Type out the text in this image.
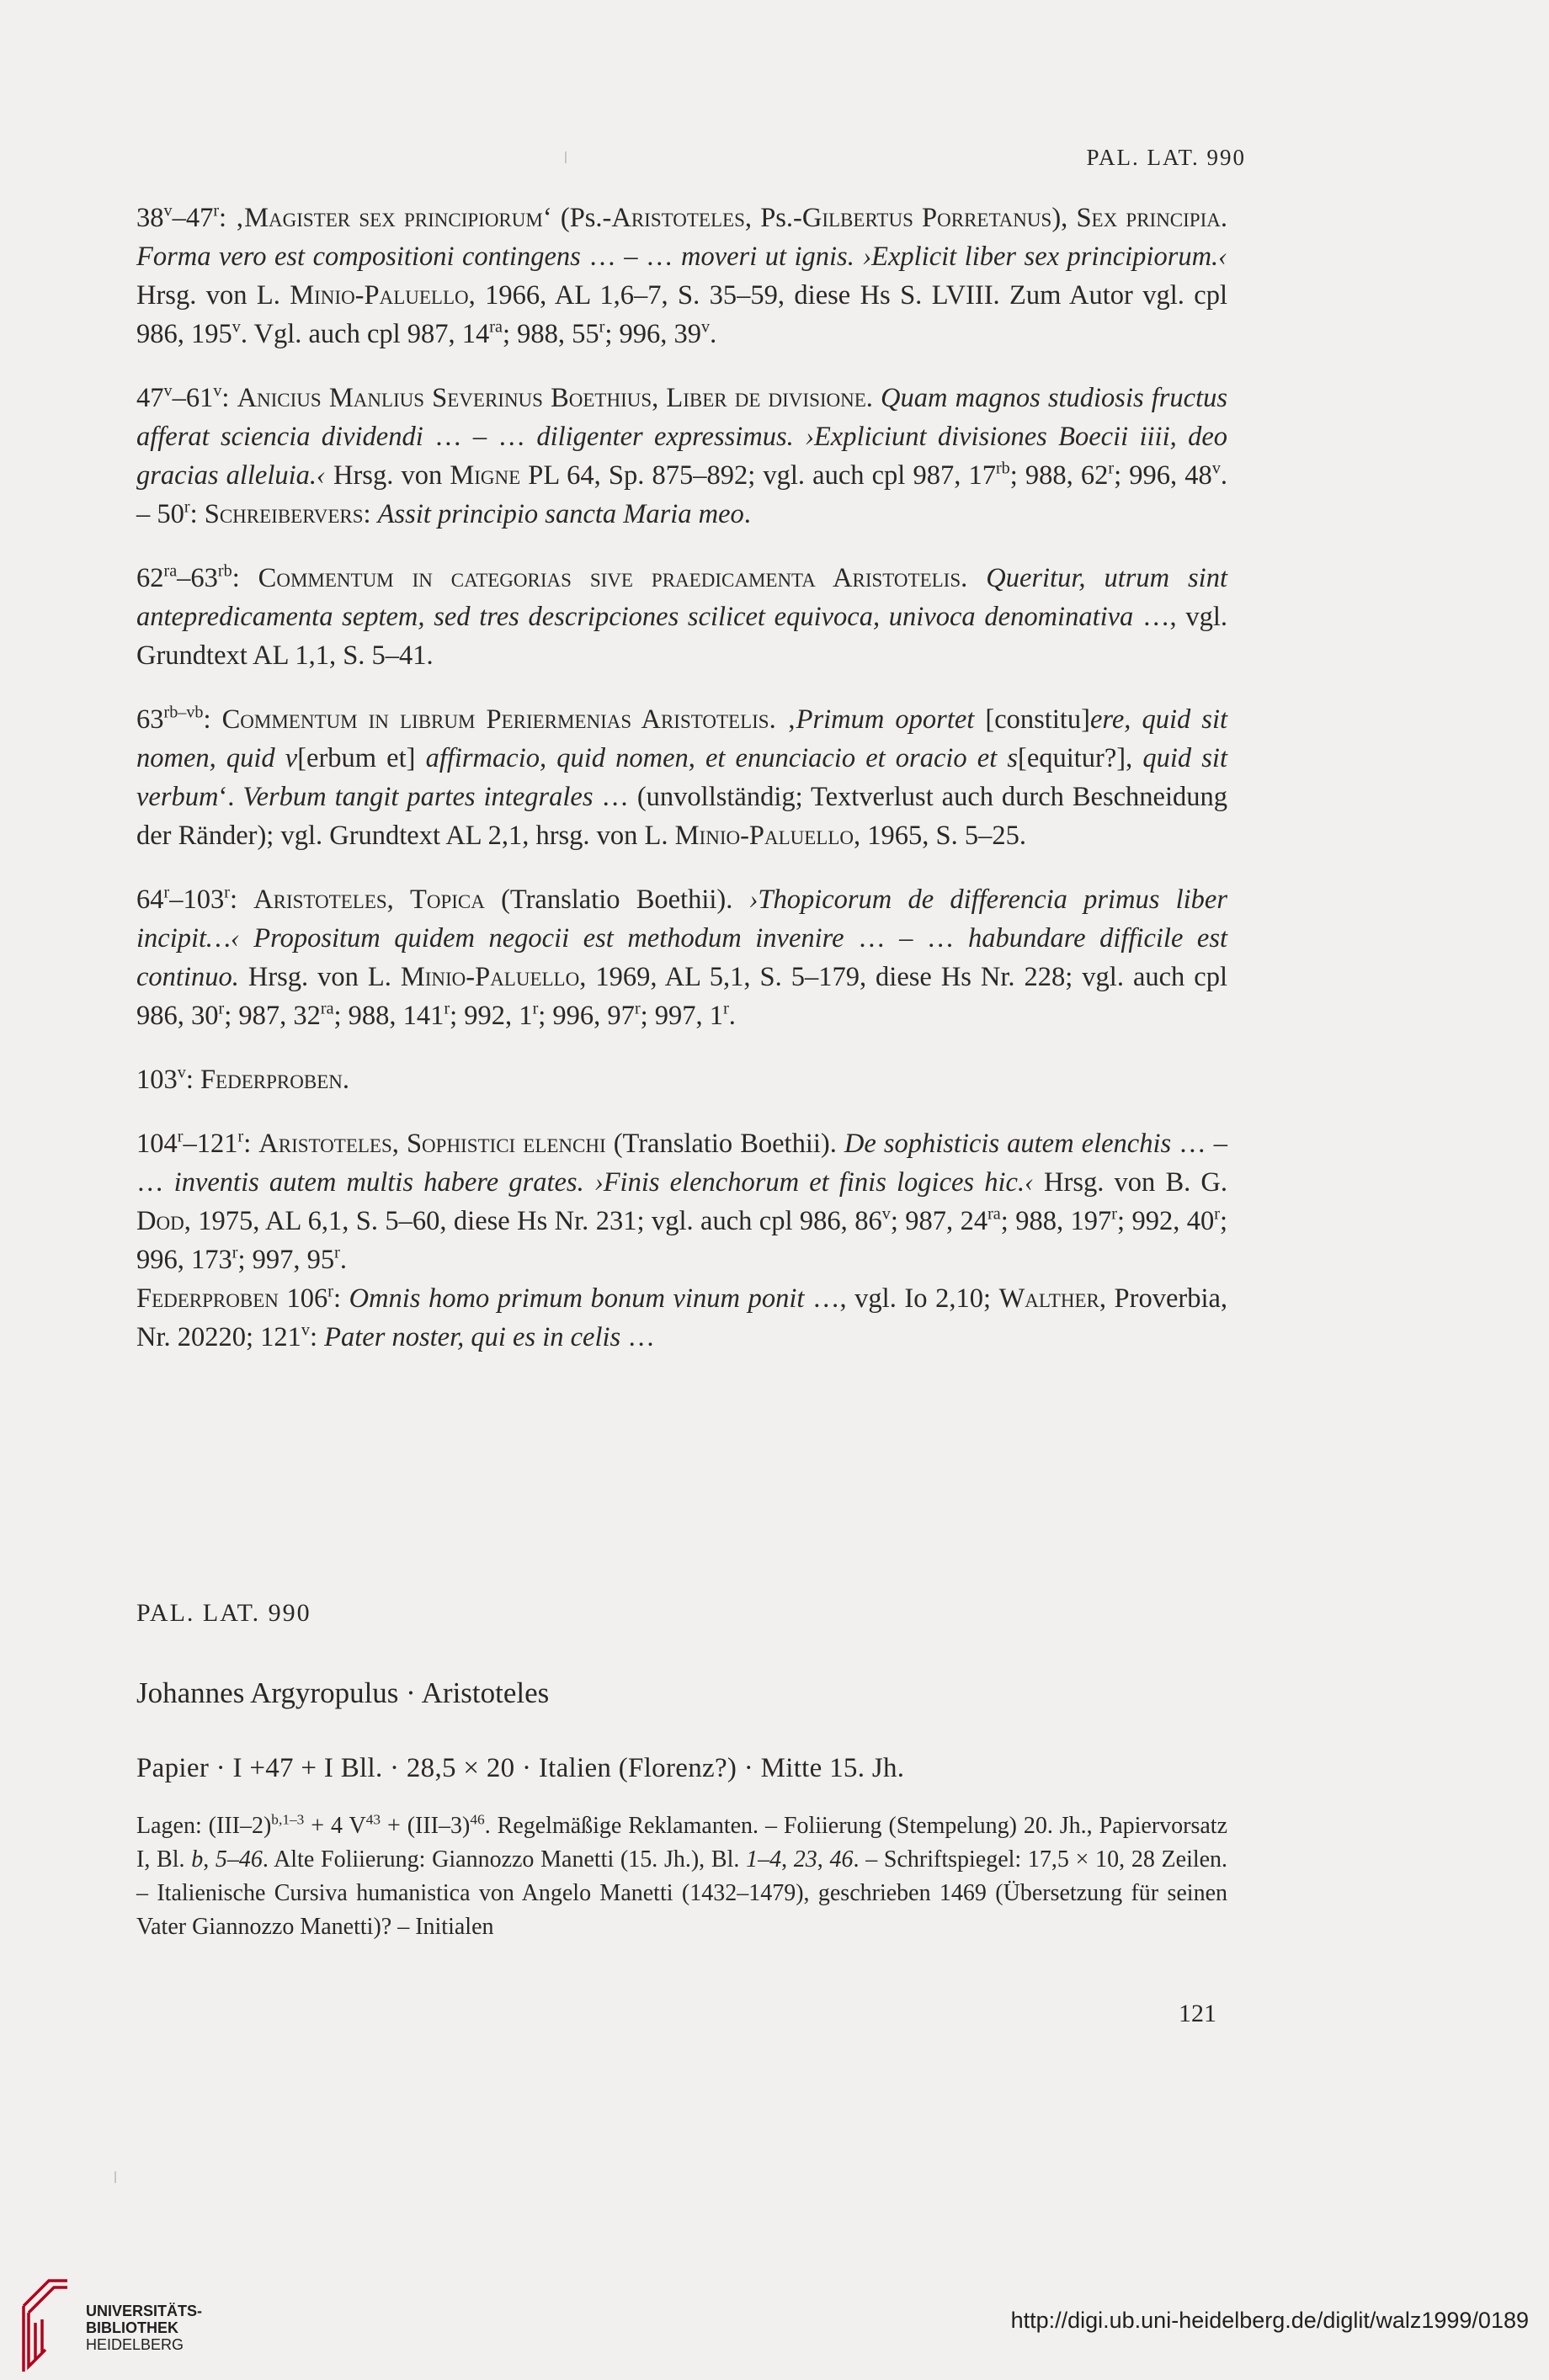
PAL. LAT. 990

38$^v$–47$^r$: ‚Magister sex principiorum‘ (Ps.-Aristoteles, Ps.-Gilbertus Porretanus), Sex principia. Forma vero est compositioni contingens … – … moveri ut ignis. ›Explicit liber sex principiorum.‹ Hrsg. von L. Minio-Paluello, 1966, AL 1,6–7, S. 35–59, diese Hs S. LVIII. Zum Autor vgl. cpl 986, 195$^v$. Vgl. auch cpl 987, $14^{ra}$; 988, 55$^r$; 996, 39$^v$.

47$^v$–61$^v$: Anicius Manlius Severinus Boethius, Liber de divisione. Quam magnos studiosis fructus afferat sciencia dividendi … – … diligenter expressimus. ›Expliciunt divisiones Boecii iiii, deo gracias alleluia.‹ Hrsg. von Migne PL 64, Sp. 875–892; vgl. auch cpl 987, $17^{rb}$; 988, 62$^r$; 996, 48$^v$. – 50$^r$: Schreibervers: Assit principio sancta Maria meo.

$62^{ra}-63^{rb}$: Commentum in categorias sive praedicamenta Aristotelis. Queritur, utrum sint antepredicamenta septem, sed tres descripciones scilicet equivoca, univoca denominativa …, vgl. Grundtext AL 1,1, S. 5–41.

$63^{rb-vb}$: Commentum in librum Periermenias Aristotelis. ‚Primum oportet [constitu]ere, quid sit nomen, quid v[erbum et] affirmacio, quid nomen, et enunciacio et oracio et s[equitur?], quid sit verbum‘. Verbum tangit partes integrales … (unvollständig; Textverlust auch durch Beschneidung der Ränder); vgl. Grundtext AL 2,1, hrsg. von L. Minio-Paluello, 1965, S. 5–25.

64$^r$–103$^r$: Aristoteles, Topica (Translatio Boethii). ›Thopicorum de differencia primus liber incipit…‹ Propositum quidem negocii est methodum invenire … – … habundare difficile est continuo. Hrsg. von L. Minio-Paluello, 1969, AL 5,1, S. 5–179, diese Hs Nr. 228; vgl. auch cpl 986, 30$^r$; 987, $32^{ra}$; 988, 141$^r$; 992, 1$^r$; 996, 97$^r$; 997, 1$^r$.

103$^v$: Federproben.

104$^r$–121$^r$: Aristoteles, Sophistici elenchi (Translatio Boethii). De sophisticis autem elenchis … – … inventis autem multis habere grates. ›Finis elenchorum et finis logices hic.‹ Hrsg. von B. G. Dod, 1975, AL 6,1, S. 5–60, diese Hs Nr. 231; vgl. auch cpl 986, 86$^v$; 987, $24^{ra}$; 988, 197$^r$; 992, 40$^r$; 996, 173$^r$; 997, 95$^r$.

Federproben 106$^r$: Omnis homo primum bonum vinum ponit …, vgl. Io 2,10; Walther, Proverbia, Nr. 20220; 121$^v$: Pater noster, qui es in celis …

PAL. LAT. 990
Johannes Argyropulus · Aristoteles
Papier · I +47 + I Bll. · 28,5 × 20 · Italien (Florenz?) · Mitte 15. Jh.
Lagen: $(III-2)^{b,1-3} + 4$ $V^{43} + (III-3)^{46}$. Regelmäßige Reklamanten. – Foliierung (Stempelung) 20. Jh., Papiervorsatz I, Bl. b, 5–46. Alte Foliierung: Giannozzo Manetti (15. Jh.), Bl. 1–4, 23, 46. – Schriftspiegel: 17,5 × 10, 28 Zeilen. – Italienische Cursiva humanistica von Angelo Manetti (1432–1479), geschrieben 1469 (Übersetzung für seinen Vater Giannozzo Manetti)? – Initialen
121
UNIVERSITÄTS-
BIBLIOTHEK
HEIDELBERG
http://digi.ub.uni-heidelberg.de/diglit/walz1999/0189
